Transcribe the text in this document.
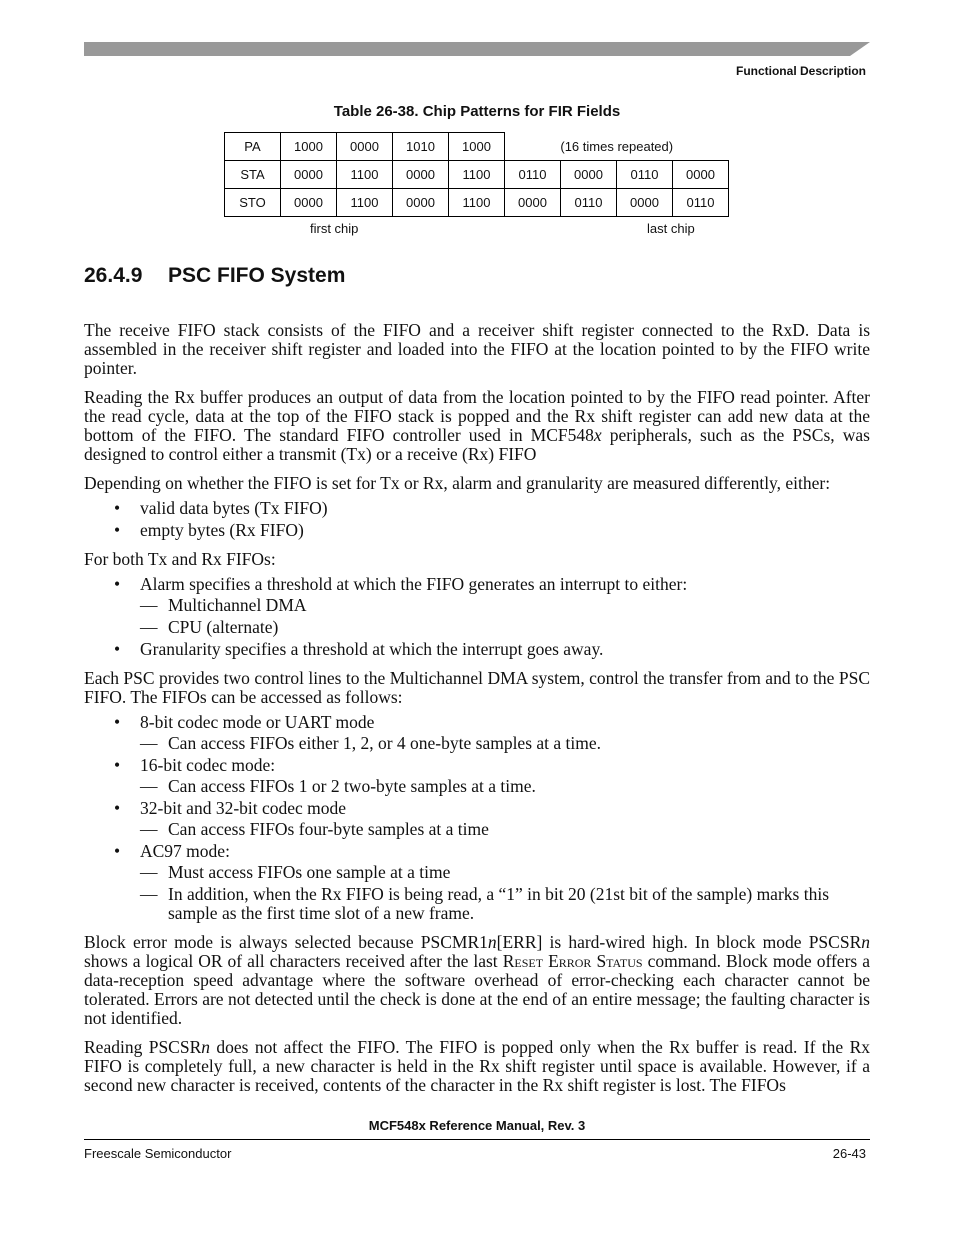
Functional Description
Table 26-38. Chip Patterns for FIR Fields
PA	1000	0000	1010	1000	(16 times repeated)			
STA	0000	1100	0000	1100	0110	0000	0110	0000
STO	0000	1100	0000	1100	0000	0110	0000	0110
first chip	last chip
26.4.9 PSC FIFO System

The receive FIFO stack consists of the FIFO and a receiver shift register connected to the RxD. Data is assembled in the receiver shift register and loaded into the FIFO at the location pointed to by the FIFO write pointer.

Reading the Rx buffer produces an output of data from the location pointed to by the FIFO read pointer. After the read cycle, data at the top of the FIFO stack is popped and the Rx shift register can add new data at the bottom of the FIFO. The standard FIFO controller used in MCF548x peripherals, such as the PSCs, was designed to control either a transmit (Tx) or a receive (Rx) FIFO

Depending on whether the FIFO is set for Tx or Rx, alarm and granularity are measured differently, either:

• valid data bytes (Tx FIFO)
• empty bytes (Rx FIFO)

For both Tx and Rx FIFOs:

• Alarm specifies a threshold at which the FIFO generates an interrupt to either:
— Multichannel DMA
— CPU (alternate)
• Granularity specifies a threshold at which the interrupt goes away.

Each PSC provides two control lines to the Multichannel DMA system, control the transfer from and to the PSC FIFO. The FIFOs can be accessed as follows:

• 8-bit codec mode or UART mode
— Can access FIFOs either 1, 2, or 4 one-byte samples at a time.
• 16-bit codec mode:
— Can access FIFOs 1 or 2 two-byte samples at a time.
• 32-bit and 32-bit codec mode
— Can access FIFOs four-byte samples at a time
• AC97 mode:
— Must access FIFOs one sample at a time
— In addition, when the Rx FIFO is being read, a “1” in bit 20 (21st bit of the sample) marks this sample as the first time slot of a new frame.

Block error mode is always selected because PSCMR1n[ERR] is hard-wired high. In block mode PSCSRn shows a logical OR of all characters received after the last Reset Error Status command. Block mode offers a data-reception speed advantage where the software overhead of error-checking each character cannot be tolerated. Errors are not detected until the check is done at the end of an entire message; the faulting character is not identified.

Reading PSCSRn does not affect the FIFO. The FIFO is popped only when the Rx buffer is read. If the Rx FIFO is completely full, a new character is held in the Rx shift register until space is available. However, if a second new character is received, contents of the character in the Rx shift register is lost. The FIFOs

MCF548x Reference Manual, Rev. 3
Freescale Semiconductor	26-43
